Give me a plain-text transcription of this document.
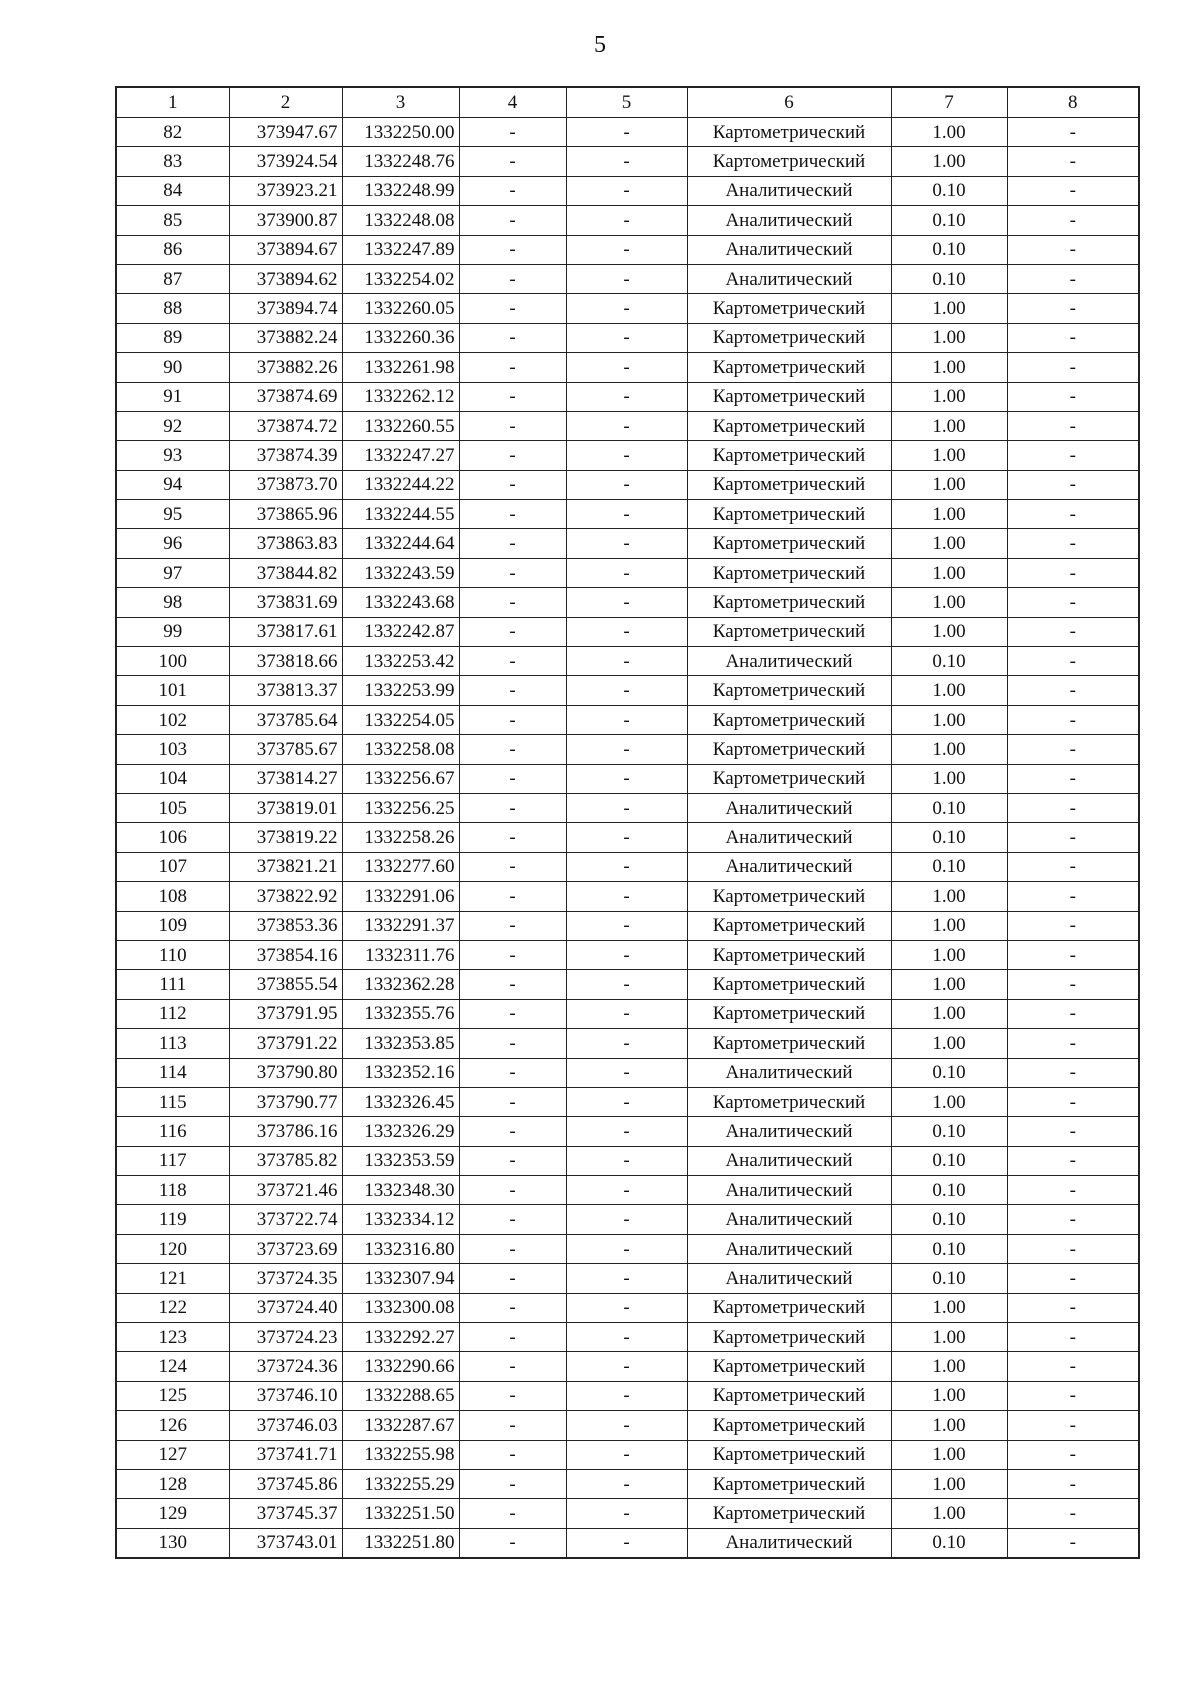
5
1	2	3	4	5	6	7	8
82	373947.67	1332250.00	-	-	Картометрический	1.00	-
83	373924.54	1332248.76	-	-	Картометрический	1.00	-
84	373923.21	1332248.99	-	-	Аналитический	0.10	-
85	373900.87	1332248.08	-	-	Аналитический	0.10	-
86	373894.67	1332247.89	-	-	Аналитический	0.10	-
87	373894.62	1332254.02	-	-	Аналитический	0.10	-
88	373894.74	1332260.05	-	-	Картометрический	1.00	-
89	373882.24	1332260.36	-	-	Картометрический	1.00	-
90	373882.26	1332261.98	-	-	Картометрический	1.00	-
91	373874.69	1332262.12	-	-	Картометрический	1.00	-
92	373874.72	1332260.55	-	-	Картометрический	1.00	-
93	373874.39	1332247.27	-	-	Картометрический	1.00	-
94	373873.70	1332244.22	-	-	Картометрический	1.00	-
95	373865.96	1332244.55	-	-	Картометрический	1.00	-
96	373863.83	1332244.64	-	-	Картометрический	1.00	-
97	373844.82	1332243.59	-	-	Картометрический	1.00	-
98	373831.69	1332243.68	-	-	Картометрический	1.00	-
99	373817.61	1332242.87	-	-	Картометрический	1.00	-
100	373818.66	1332253.42	-	-	Аналитический	0.10	-
101	373813.37	1332253.99	-	-	Картометрический	1.00	-
102	373785.64	1332254.05	-	-	Картометрический	1.00	-
103	373785.67	1332258.08	-	-	Картометрический	1.00	-
104	373814.27	1332256.67	-	-	Картометрический	1.00	-
105	373819.01	1332256.25	-	-	Аналитический	0.10	-
106	373819.22	1332258.26	-	-	Аналитический	0.10	-
107	373821.21	1332277.60	-	-	Аналитический	0.10	-
108	373822.92	1332291.06	-	-	Картометрический	1.00	-
109	373853.36	1332291.37	-	-	Картометрический	1.00	-
110	373854.16	1332311.76	-	-	Картометрический	1.00	-
111	373855.54	1332362.28	-	-	Картометрический	1.00	-
112	373791.95	1332355.76	-	-	Картометрический	1.00	-
113	373791.22	1332353.85	-	-	Картометрический	1.00	-
114	373790.80	1332352.16	-	-	Аналитический	0.10	-
115	373790.77	1332326.45	-	-	Картометрический	1.00	-
116	373786.16	1332326.29	-	-	Аналитический	0.10	-
117	373785.82	1332353.59	-	-	Аналитический	0.10	-
118	373721.46	1332348.30	-	-	Аналитический	0.10	-
119	373722.74	1332334.12	-	-	Аналитический	0.10	-
120	373723.69	1332316.80	-	-	Аналитический	0.10	-
121	373724.35	1332307.94	-	-	Аналитический	0.10	-
122	373724.40	1332300.08	-	-	Картометрический	1.00	-
123	373724.23	1332292.27	-	-	Картометрический	1.00	-
124	373724.36	1332290.66	-	-	Картометрический	1.00	-
125	373746.10	1332288.65	-	-	Картометрический	1.00	-
126	373746.03	1332287.67	-	-	Картометрический	1.00	-
127	373741.71	1332255.98	-	-	Картометрический	1.00	-
128	373745.86	1332255.29	-	-	Картометрический	1.00	-
129	373745.37	1332251.50	-	-	Картометрический	1.00	-
130	373743.01	1332251.80	-	-	Аналитический	0.10	-
